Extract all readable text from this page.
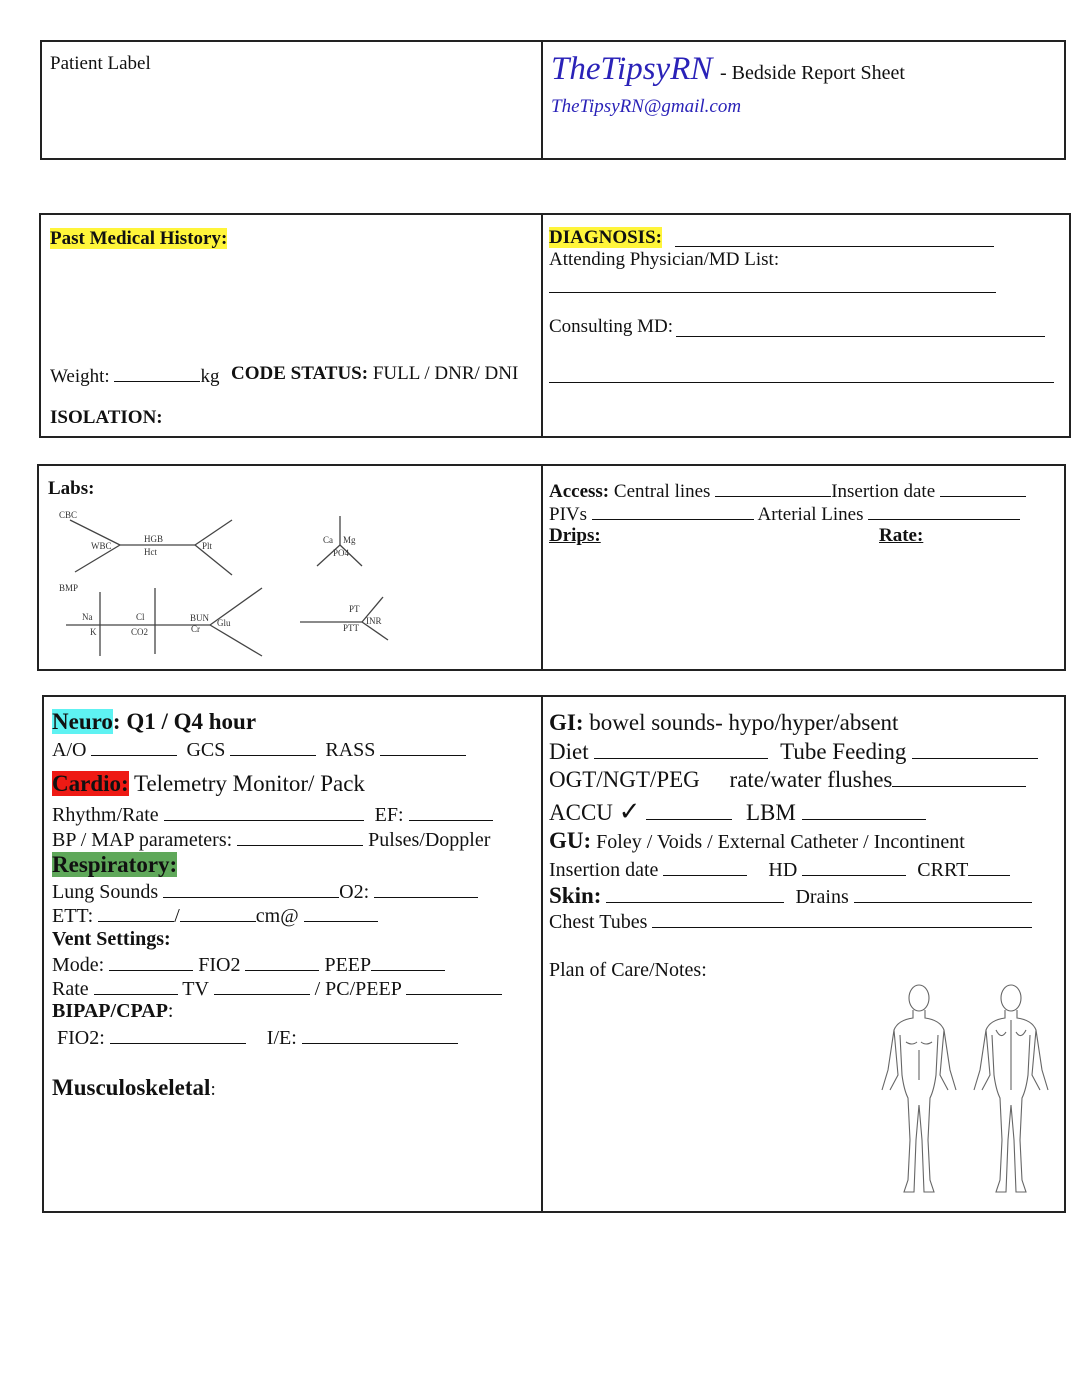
Patient Label	TheTipsyRN - Bedside Report Sheet
TheTipsyRN@gmail.com
Past Medical History:
Weight:	kg CODE STATUS: FULL / DNR/ DNI
ISOLATION:
DIAGNOSIS:
Attending Physician/MD List:
Consulting MD:
Labs:
CBC
WBC
HGB
Hct
Plt
Ca Mg
PO4
BMP
Na
K
Cl
CO2
BUN
Cr
Glu
PT
PTT
INR
Access: Central lines	Insertion date
PIVs	Arterial Lines
Drips:	Rate:
Neuro: Q1 / Q4 hour
A/O	GCS	RASS
Cardio: Telemetry Monitor/ Pack
Rhythm/Rate	EF:
BP / MAP parameters:	Pulses/Doppler
Respiratory:
Lung Sounds	O2:
ETT:	/	cm@
Vent Settings:
Mode:	FIO2	PEEP
Rate	TV	/ PC/PEEP
BIPAP/CPAP:
FIO2:	I/E:
Musculoskeletal:
GI: bowel sounds- hypo/hyper/absent
Diet	Tube Feeding
OGT/NGT/PEG rate/water flushes
ACCU ✓	LBM
GU: Foley / Voids / External Catheter / Incontinent
Insertion date	HD	CRRT
Skin:	Drains
Chest Tubes
Plan of Care/Notes:
